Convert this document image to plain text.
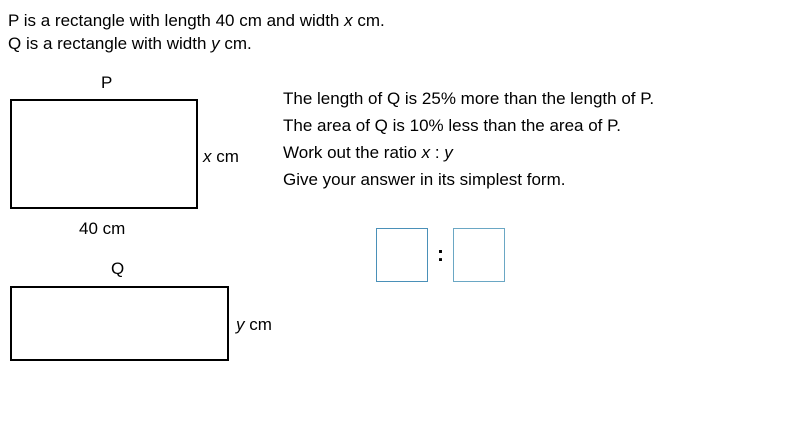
P is a rectangle with length 40 cm and width x cm.
Q is a rectangle with width y cm.
P
x cm
40 cm
Q
y cm
The length of Q is 25% more than the length of P.
The area of Q is 10% less than the area of P.
Work out the ratio x : y
Give your answer in its simplest form.
:
